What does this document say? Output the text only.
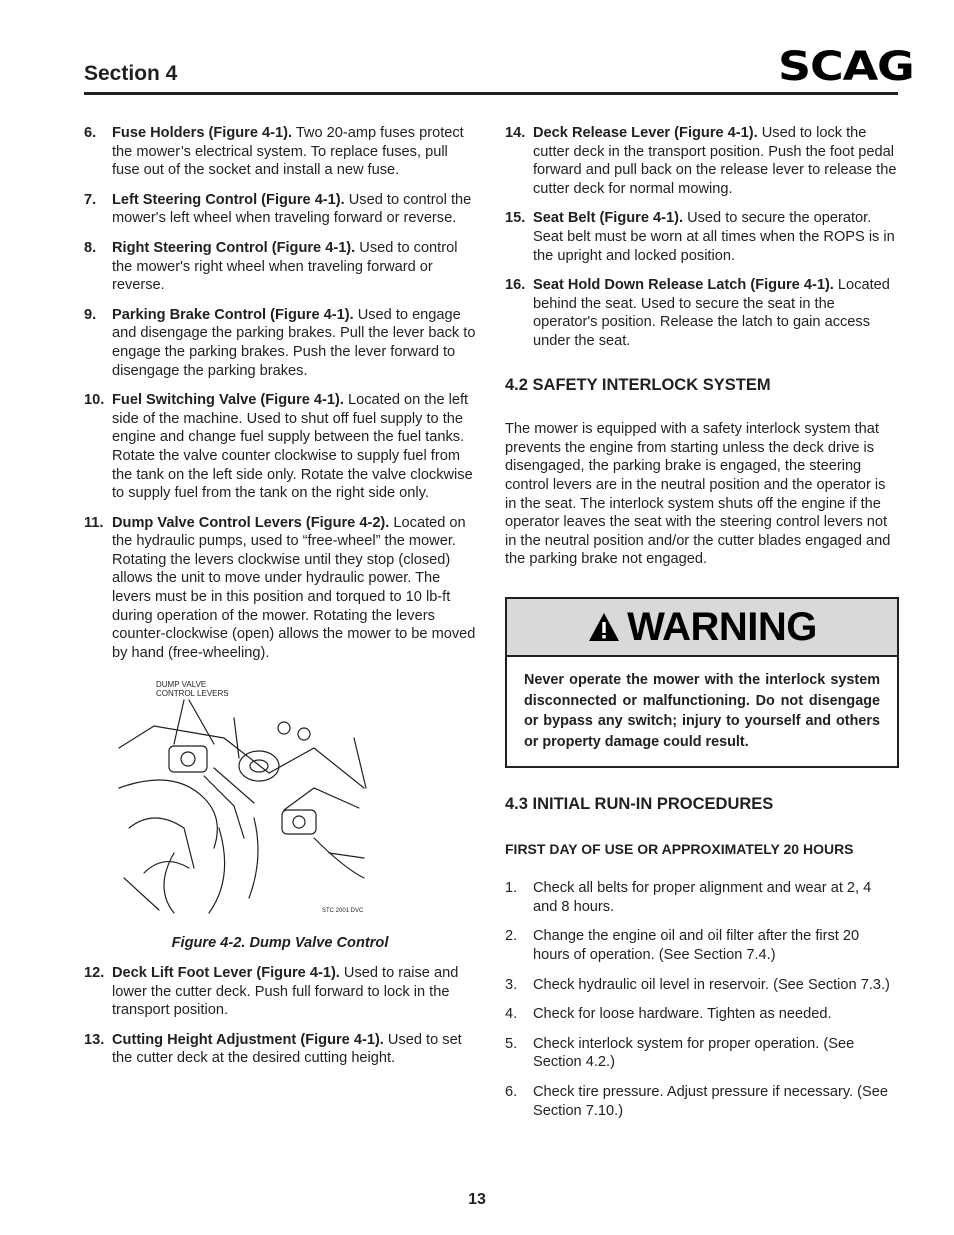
Section 4	SCAG
6. Fuse Holders (Figure 4-1). Two 20-amp fuses protect the mower’s electrical system. To replace fuses, pull fuse out of the socket and install a new fuse.
7. Left Steering Control (Figure 4-1). Used to control the mower's left wheel when traveling forward or reverse.
8. Right Steering Control (Figure 4-1). Used to control the mower's right wheel when traveling forward or reverse.
9. Parking Brake Control (Figure 4-1). Used to engage and disengage the parking brakes. Pull the lever back to engage the parking brakes. Push the lever forward to disengage the parking brakes.
10. Fuel Switching Valve (Figure 4-1). Located on the left side of the machine. Used to shut off fuel supply to the engine and change fuel supply between the fuel tanks. Rotate the valve counter clockwise to supply fuel from the tank on the left side only. Rotate the valve clockwise to supply fuel from the tank on the right side only.
11. Dump Valve Control Levers (Figure 4-2). Located on the hydraulic pumps, used to “free-wheel” the mower. Rotating the levers clockwise until they stop (closed) allows the unit to move under hydraulic power. The levers must be in this position and torqued to 10 lb-ft during operation of the mower. Rotating the levers counter-clockwise (open) allows the mower to be moved by hand (free-wheeling).
DUMP VALVE
CONTROL LEVERS
STC 2001 DVC
Figure 4-2. Dump Valve Control
12. Deck Lift Foot Lever (Figure 4-1). Used to raise and lower the cutter deck. Push full forward to lock in the transport position.
13. Cutting Height Adjustment (Figure 4-1). Used to set the cutter deck at the desired cutting height.
14. Deck Release Lever (Figure 4-1). Used to lock the cutter deck in the transport position. Push the foot pedal forward and pull back on the release lever to release the cutter deck for normal mowing.
15. Seat Belt (Figure 4-1). Used to secure the operator. Seat belt must be worn at all times when the ROPS is in the upright and locked position.
16. Seat Hold Down Release Latch (Figure 4-1). Located behind the seat. Used to secure the seat in the operator's position. Release the latch to gain access under the seat.
4.2 SAFETY INTERLOCK SYSTEM

The mower is equipped with a safety interlock system that prevents the engine from starting unless the deck drive is disengaged, the parking brake is engaged, the steering control levers are in the neutral position and the operator is in the seat. The interlock system shuts off the engine if the operator leaves the seat with the steering control levers not in the neutral position and/or the cutter blades engaged and the parking brake not engaged.

WARNING
Never operate the mower with the interlock system disconnected or malfunctioning. Do not disengage or bypass any switch; injury to yourself and others or property damage could result.
4.3 INITIAL RUN-IN PROCEDURES

FIRST DAY OF USE OR APPROXIMATELY 20 HOURS

1. Check all belts for proper alignment and wear at 2, 4 and 8 hours.
2. Change the engine oil and oil filter after the first 20 hours of operation. (See Section 7.4.)
3. Check hydraulic oil level in reservoir. (See Section 7.3.)
4. Check for loose hardware. Tighten as needed.
5. Check interlock system for proper operation. (See Section 4.2.)
6. Check tire pressure. Adjust pressure if necessary. (See Section 7.10.)
13
